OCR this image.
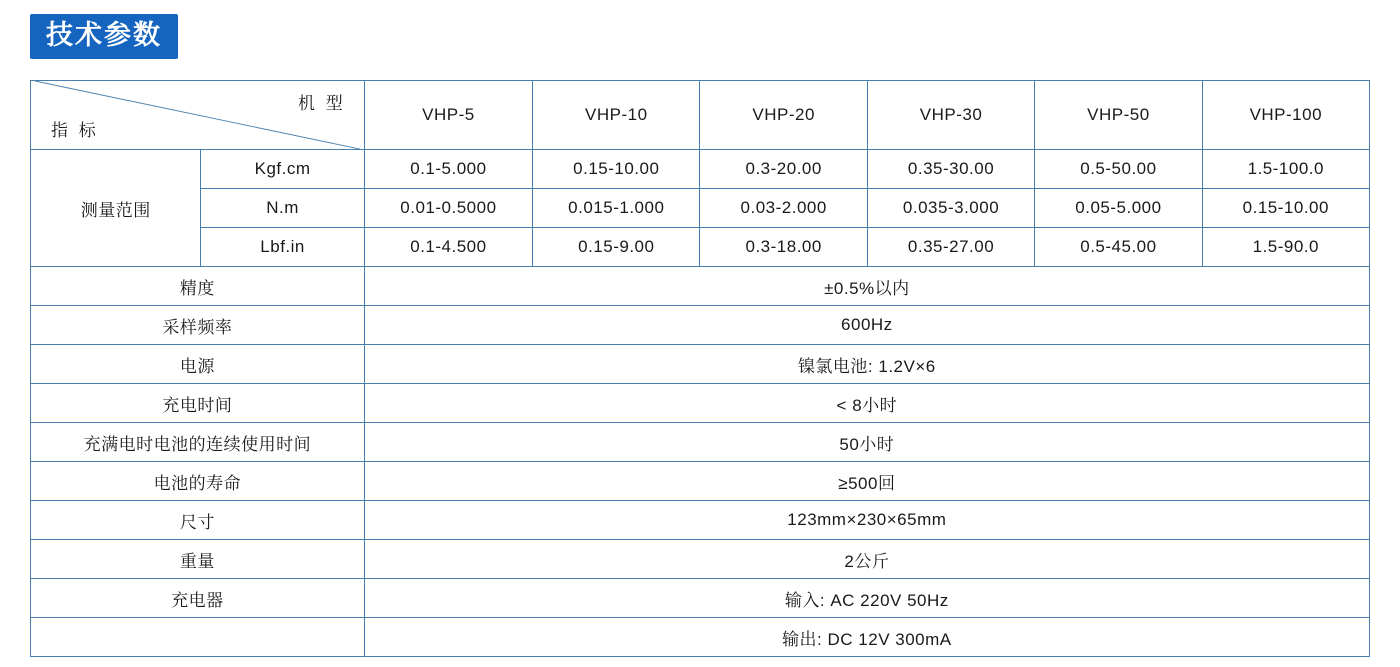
技术参数
机 型
指 标		VHP-5	VHP-10	VHP-20	VHP-30	VHP-50	VHP-100
测量范围	Kgf.cm	0.1-5.000	0.15-10.00	0.3-20.00	0.35-30.00	0.5-50.00	1.5-100.0
	N.m	0.01-0.5000	0.015-1.000	0.03-2.000	0.035-3.000	0.05-5.000	0.15-10.00
	Lbf.in	0.1-4.500	0.15-9.00	0.3-18.00	0.35-27.00	0.5-45.00	1.5-90.0
精度		±0.5%以内					
采样频率		600Hz					
电源		镍氯电池: 1.2V×6					
充电时间		< 8小时					
充满电时电池的连续使用时间		50小时					
电池的寿命		≥500回					
尺寸		123mm×230×65mm					
重量		2公斤					
充电器		输入: AC 220V 50Hz					
		输出: DC 12V 300mA					
